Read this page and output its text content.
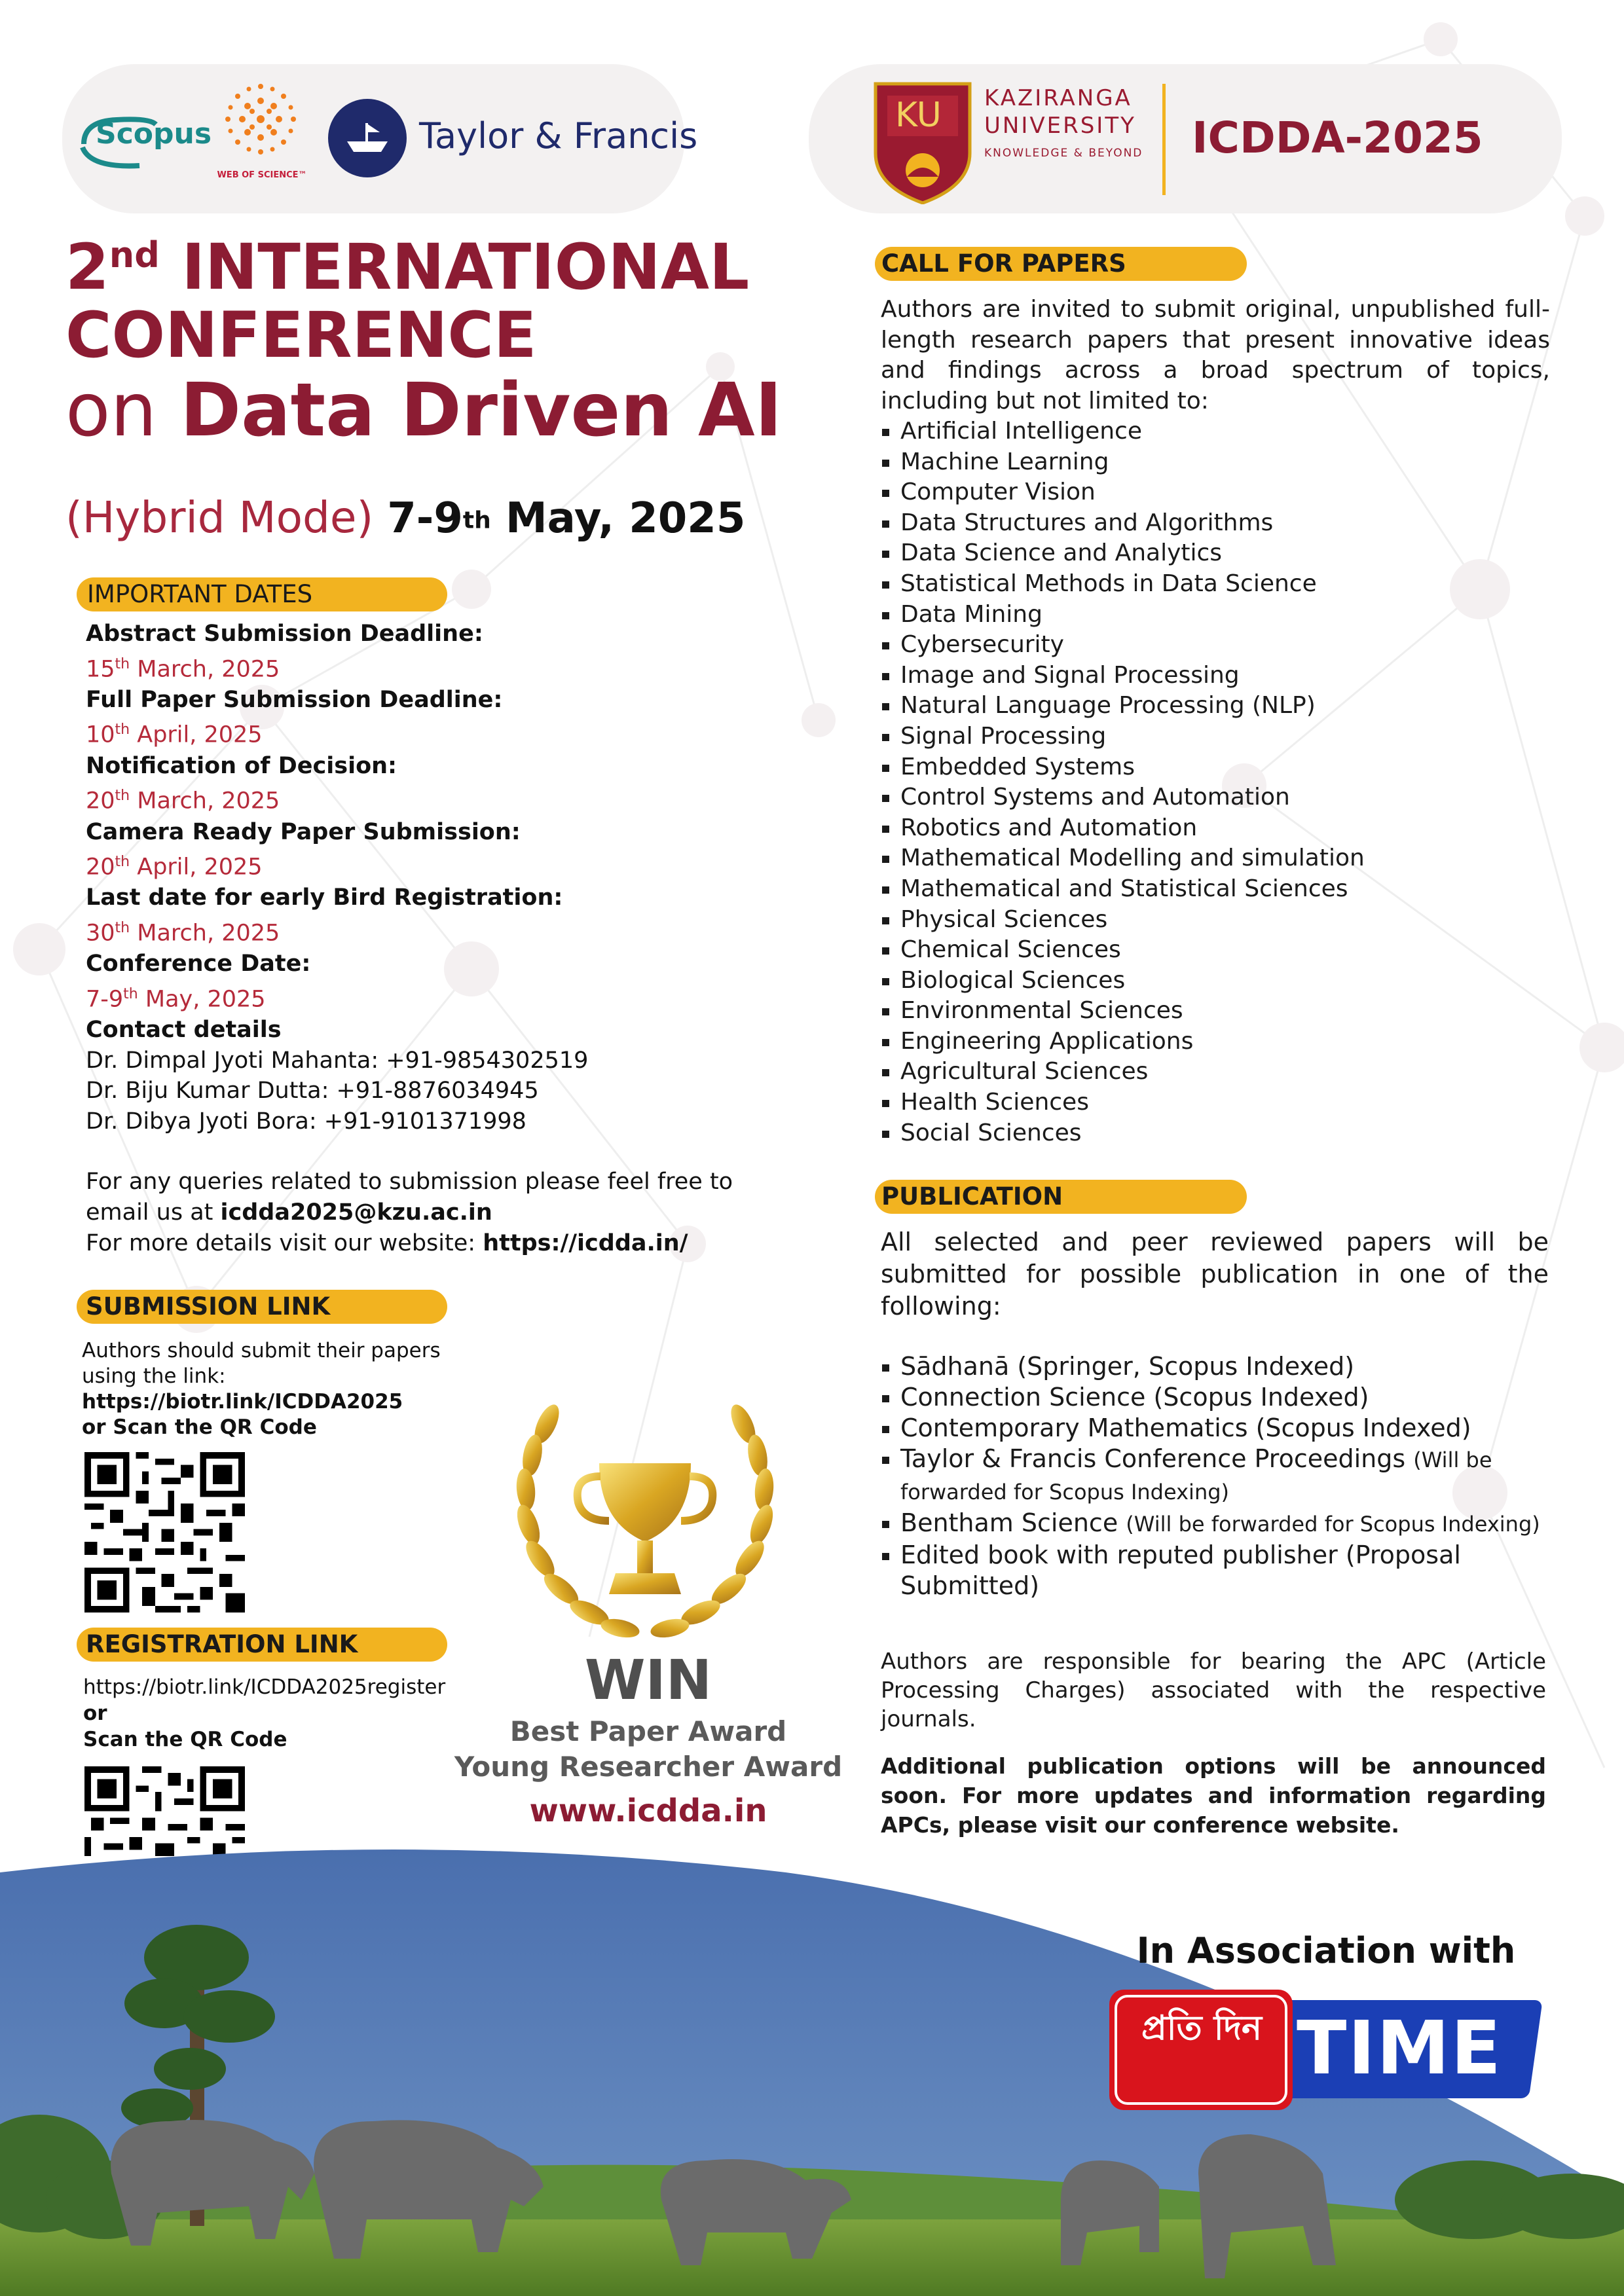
Scopus
WEB OF SCIENCE™
Taylor & Francis	KU KAZIRANGA
UNIVERSITY
KNOWLEDGE & BEYOND ICDDA-2025
2nd INTERNATIONAL
CONFERENCE
on Data Driven AI
(Hybrid Mode) 7-9th May, 2025
IMPORTANT DATES
Abstract Submission Deadline:
15th March, 2025
Full Paper Submission Deadline:
10th April, 2025
Notification of Decision:
20th March, 2025
Camera Ready Paper Submission:
20th April, 2025
Last date for early Bird Registration:
30th March, 2025
Conference Date:
7-9th May, 2025
Contact details
Dr. Dimpal Jyoti Mahanta: +91-9854302519
Dr. Biju Kumar Dutta: +91-8876034945
Dr. Dibya Jyoti Bora: +91-9101371998
For any queries related to submission please feel free to
email us at icdda2025@kzu.ac.in
For more details visit our website: https://icdda.in/
SUBMISSION LINK
Authors should submit their papers
using the link:
https://biotr.link/ICDDA2025
or Scan the QR Code
REGISTRATION LINK
https://biotr.link/ICDDA2025register
or
Scan the QR Code
WIN
Best Paper Award
Young Researcher Award
www.icdda.in
CALL FOR PAPERS
Authors are invited to submit original, unpublished full-length research papers that present innovative ideas and findings across a broad spectrum of topics, including but not limited to:
Artificial Intelligence
Machine Learning
Computer Vision
Data Structures and Algorithms
Data Science and Analytics
Statistical Methods in Data Science
Data Mining
Cybersecurity
Image and Signal Processing
Natural Language Processing (NLP)
Signal Processing
Embedded Systems
Control Systems and Automation
Robotics and Automation
Mathematical Modelling and simulation
Mathematical and Statistical Sciences
Physical Sciences
Chemical Sciences
Biological Sciences
Environmental Sciences
Engineering Applications
Agricultural Sciences
Health Sciences
Social Sciences
PUBLICATION
All selected and peer reviewed papers will be submitted for possible publication in one of the following:
Sādhanā (Springer, Scopus Indexed)
Connection Science (Scopus Indexed)
Contemporary Mathematics (Scopus Indexed)
Taylor & Francis Conference Proceedings (Will be forwarded for Scopus Indexing)
Bentham Science (Will be forwarded for Scopus Indexing)
Edited book with reputed publisher (Proposal Submitted)
Authors are responsible for bearing the APC (Article Processing Charges) associated with the respective journals.
Additional publication options will be announced soon. For more updates and information regarding APCs, please visit our conference website.
In Association with
প্রতি দিন TIME
